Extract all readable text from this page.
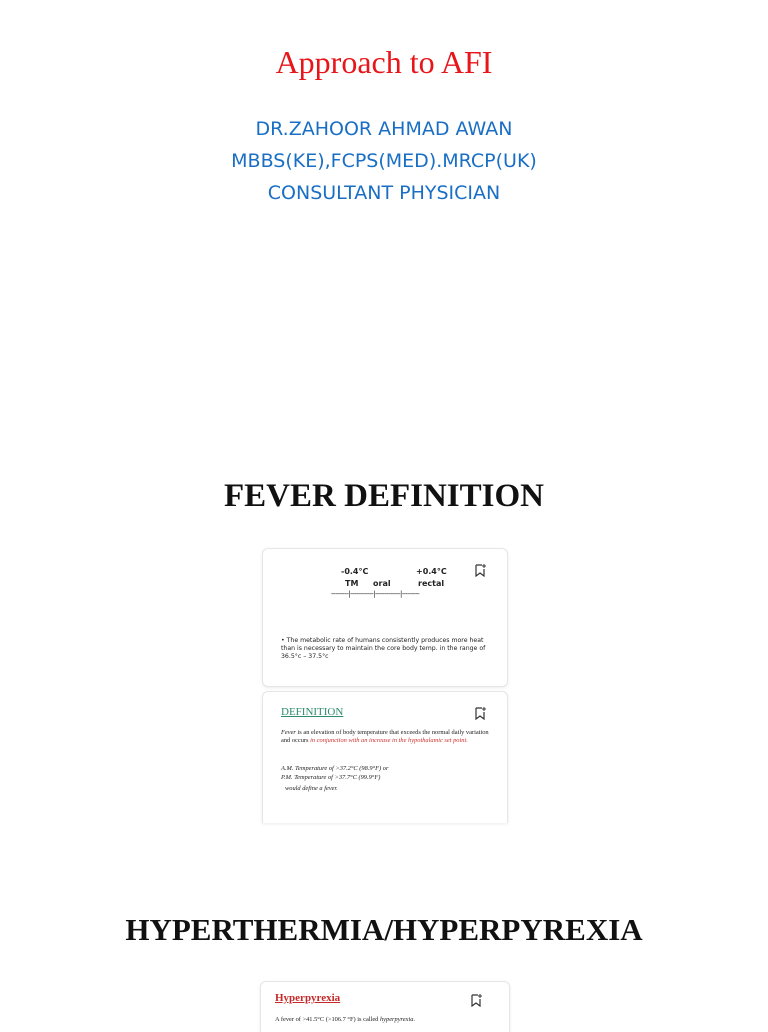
Approach to AFI
DR.ZAHOOR AHMAD AWAN
MBBS(KE),FCPS(MED).MRCP(UK)
CONSULTANT PHYSICIAN
FEVER DEFINITION
-0.4°C	+0.4°C
TM oral	rectal
---------|------------|-------------|---------
• The metabolic rate of humans consistently produces more heat than is necessary to maintain the core body temp. in the range of 36.5°c – 37.5°c
DEFINITION
Fever is an elevation of body temperature that exceeds the normal daily variation and occurs in conjunction with an increase in the hypothalamic set point.
A.M. Temperature of >37.2°C (98.9°F) or
P.M. Temperature of >37.7°C (99.9°F)
would define a fever.
HYPERTHERMIA/HYPERPYREXIA
Hyperpyrexia
A fever of >41.5°C (>106.7 °F) is called hyperpyrexia.
